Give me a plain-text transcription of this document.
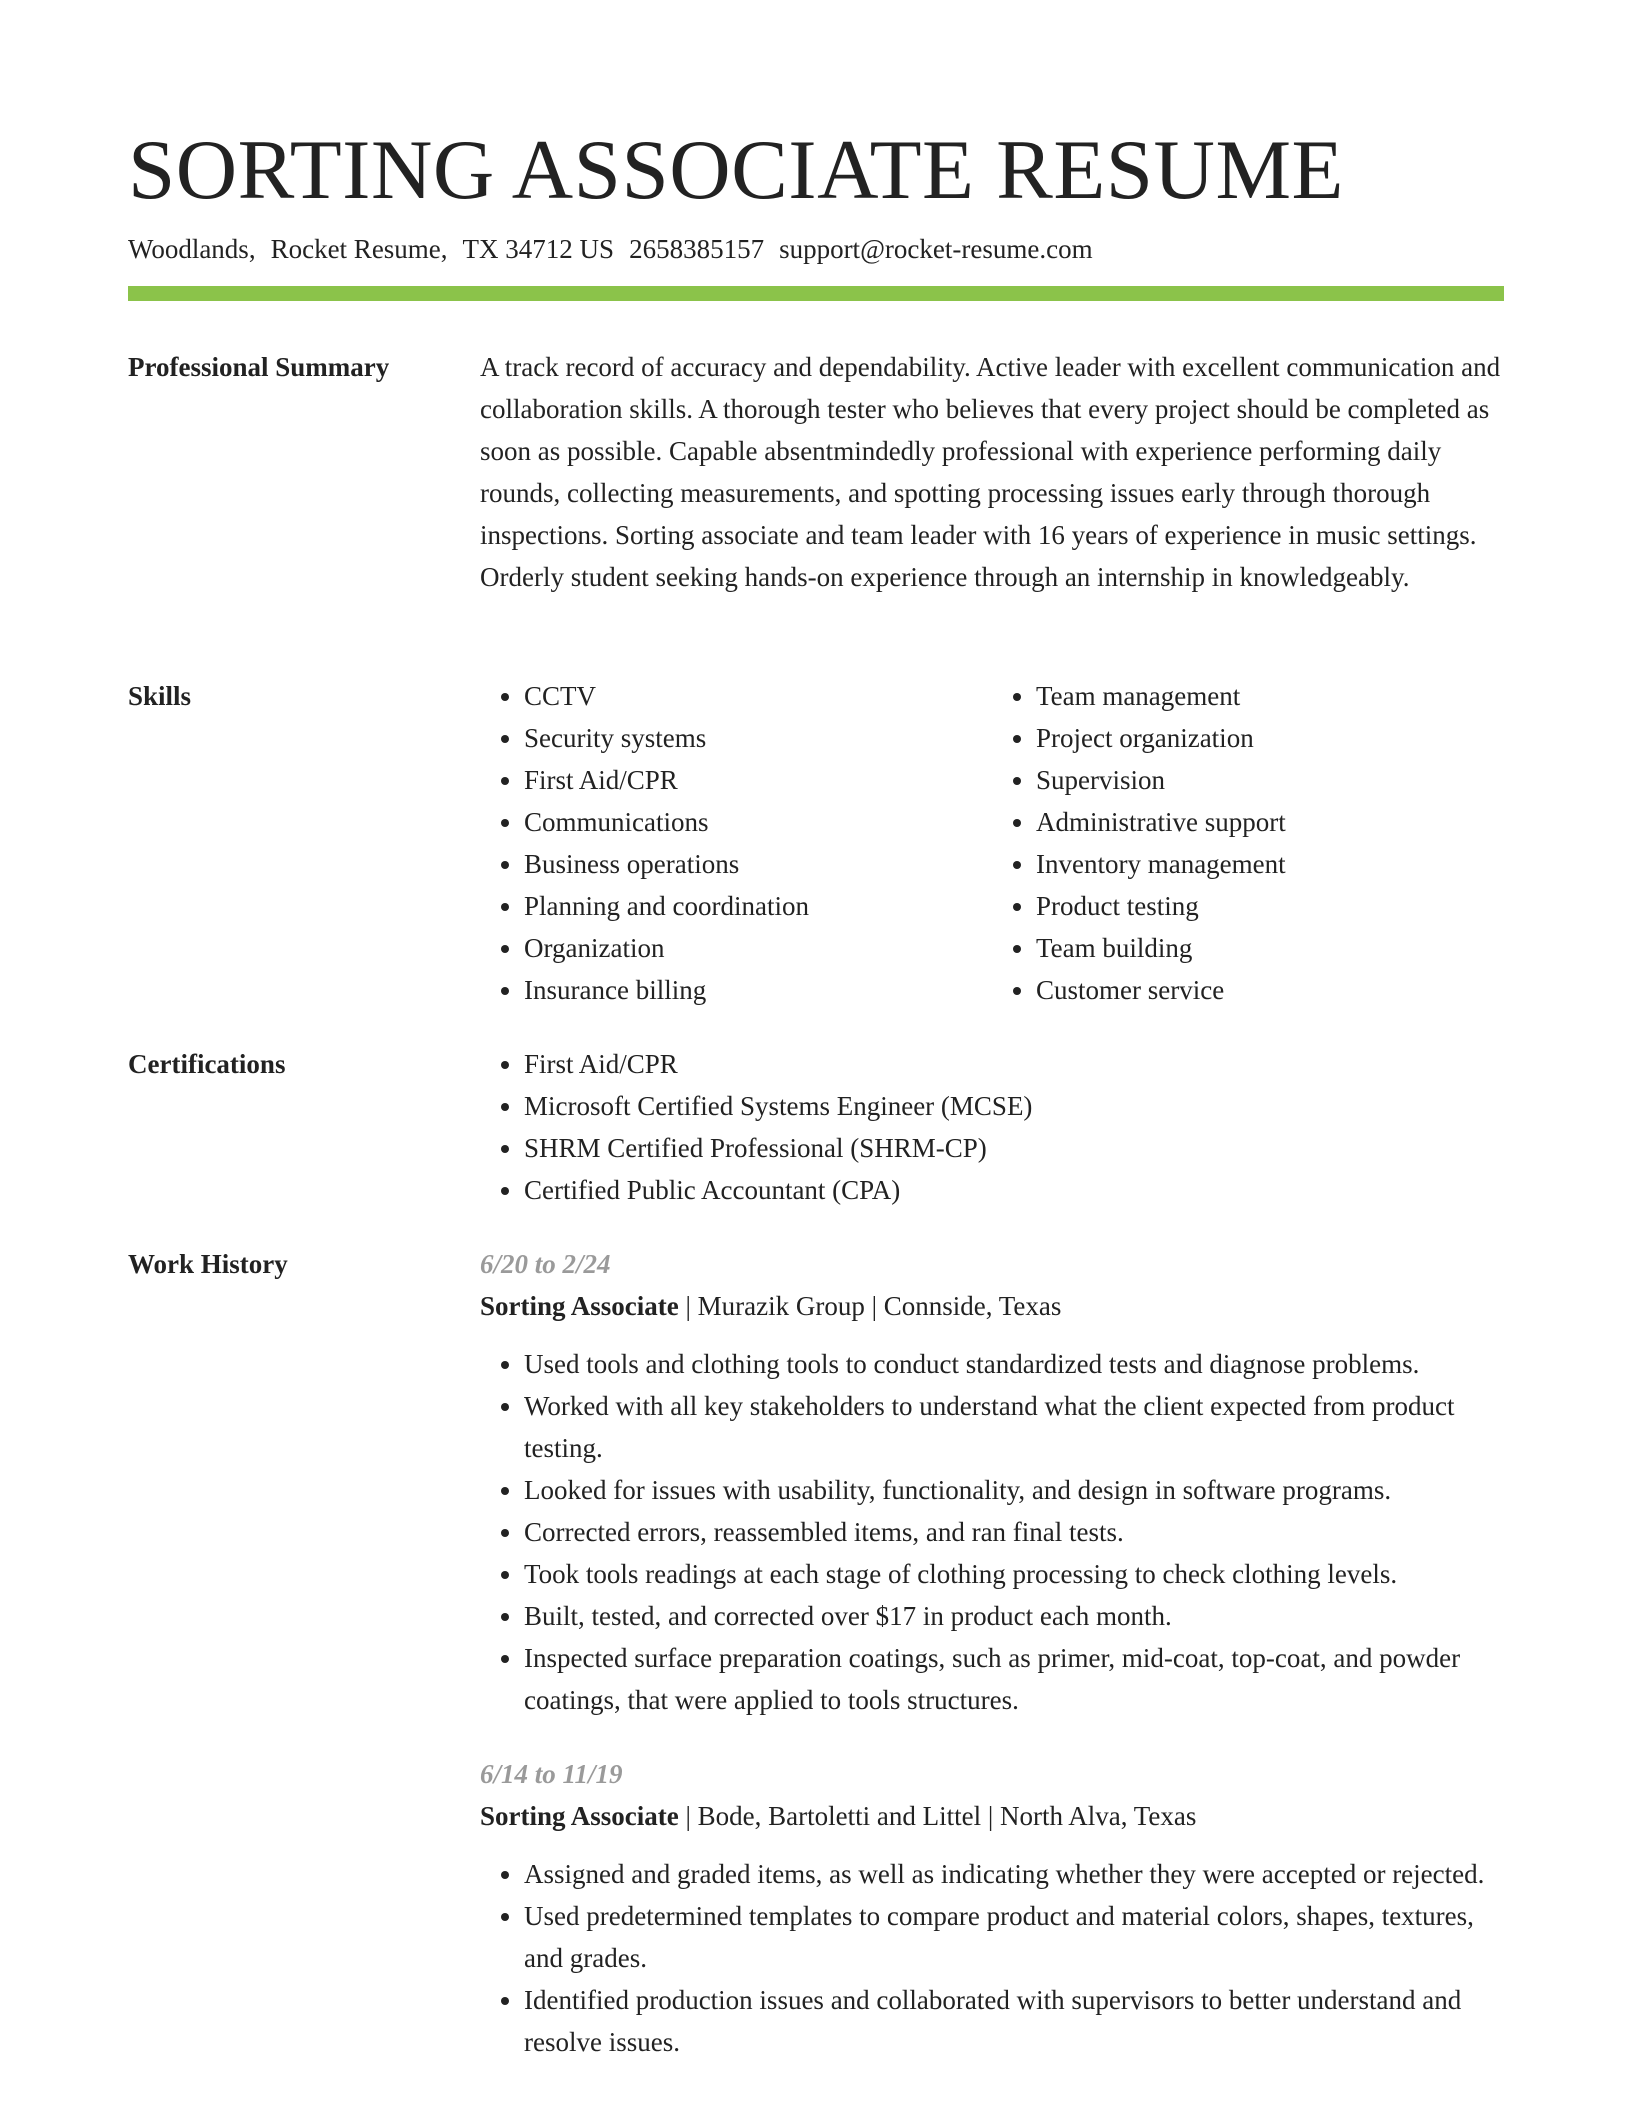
SORTING ASSOCIATE RESUME
Woodlands, Rocket Resume, TX 34712 US 2658385157 support@rocket-resume.com
Professional Summary	A track record of accuracy and dependability. Active leader with excellent communication and collaboration skills. A thorough tester who believes that every project should be completed as soon as possible. Capable absentmindedly professional with experience performing daily rounds, collecting measurements, and spotting processing issues early through thorough inspections. Sorting associate and team leader with 16 years of experience in music settings. Orderly student seeking hands-on experience through an internship in knowledgeably.

Skills	• CCTV
• Security systems
• First Aid/CPR
• Communications
• Business operations
• Planning and coordination
• Organization
• Insurance billing
• Team management
• Project organization
• Supervision
• Administrative support
• Inventory management
• Product testing
• Team building
• Customer service
Certifications	• First Aid/CPR
• Microsoft Certified Systems Engineer (MCSE)
• SHRM Certified Professional (SHRM-CP)
• Certified Public Accountant (CPA)
Work History	6/20 to 2/24
Sorting Associate | Murazik Group | Connside, Texas
• Used tools and clothing tools to conduct standardized tests and diagnose problems.
• Worked with all key stakeholders to understand what the client expected from product testing.
• Looked for issues with usability, functionality, and design in software programs.
• Corrected errors, reassembled items, and ran final tests.
• Took tools readings at each stage of clothing processing to check clothing levels.
• Built, tested, and corrected over $17 in product each month.
• Inspected surface preparation coatings, such as primer, mid-coat, top-coat, and powder coatings, that were applied to tools structures.
6/14 to 11/19
Sorting Associate | Bode, Bartoletti and Littel | North Alva, Texas
• Assigned and graded items, as well as indicating whether they were accepted or rejected.
• Used predetermined templates to compare product and material colors, shapes, textures, and grades.
• Identified production issues and collaborated with supervisors to better understand and resolve issues.
